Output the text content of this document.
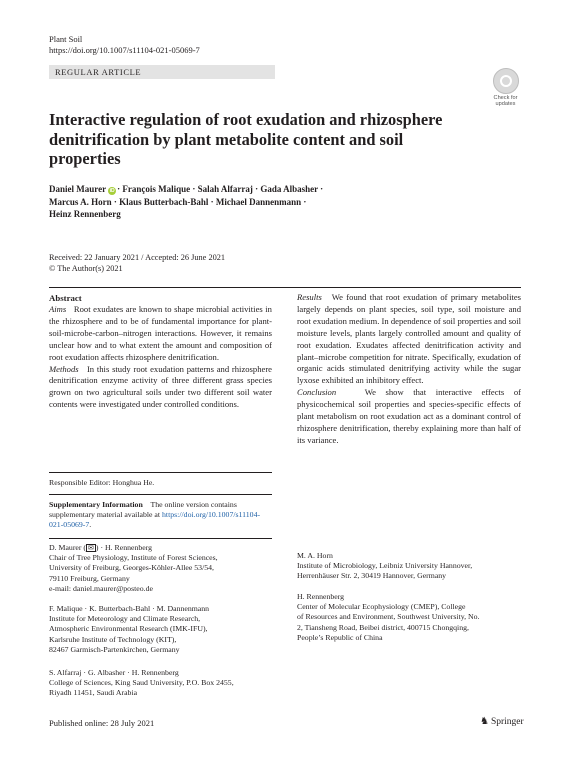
Plant Soil
https://doi.org/10.1007/s11104-021-05069-7
REGULAR ARTICLE
Check for updates
Interactive regulation of root exudation and rhizosphere denitrification by plant metabolite content and soil properties
Daniel Maurer iD · François Malique · Salah Alfarraj · Gada Albasher ·
Marcus A. Horn · Klaus Butterbach-Bahl · Michael Dannenmann ·
Heinz Rennenberg
Received: 22 January 2021 / Accepted: 26 June 2021
© The Author(s) 2021

Abstract

Aims Root exudates are known to shape microbial activities in the rhizosphere and to be of fundamental importance for plant-soil-microbe-carbon–nitrogen interactions. However, it remains unclear how and to what extent the amount and composition of root exudation affects rhizosphere denitrification.

Methods In this study root exudation patterns and rhizosphere denitrification enzyme activity of three different grass species grown on two agricultural soils under two different soil water contents were investigated under controlled conditions.

Results We found that root exudation of primary metabolites largely depends on plant species, soil type, soil moisture and root exudation medium. In dependence of soil properties and soil moisture levels, plants largely controlled amount and quality of root exudation. Exudates affected denitrification activity and plant–microbe competition for nitrate. Specifically, exudation of organic acids stimulated denitrifying activity while the sugar lyxose exhibited an inhibitory effect.

Conclusion	We show that interactive effects of physicochemical soil properties and species-specific effects of plant metabolism on root exudation act as a dominant control of rhizosphere denitrification, thereby explaining more than half of its variance.

Responsible Editor: Honghua He.
Supplementary Information The online version contains supplementary material available at https://doi.org/10.1007/s11104-021-05069-7.
D. Maurer ( ✉ ) · H. Rennenberg
Chair of Tree Physiology, Institute of Forest Sciences,
University of Freiburg, Georges-Köhler-Allee 53/54,
79110 Freiburg, Germany
e-mail: daniel.maurer@posteo.de
F. Malique · K. Butterbach-Bahl · M. Dannenmann
Institute for Meteorology and Climate Research,
Atmospheric Environmental Research (IMK-IFU),
Karlsruhe Institute of Technology (KIT),
82467 Garmisch-Partenkirchen, Germany
S. Alfarraj · G. Albasher · H. Rennenberg
College of Sciences, King Saud University, P.O. Box 2455,
Riyadh 11451, Saudi Arabia
M. A. Horn
Institute of Microbiology, Leibniz University Hannover,
Herrenhäuser Str. 2, 30419 Hannover, Germany
H. Rennenberg
Center of Molecular Ecophysiology (CMEP), College
of Resources and Environment, Southwest University, No.
2, Tiansheng Road, Beibei district, 400715 Chongqing,
People’s Republic of China
Published online: 28 July 2021	♞ Springer
